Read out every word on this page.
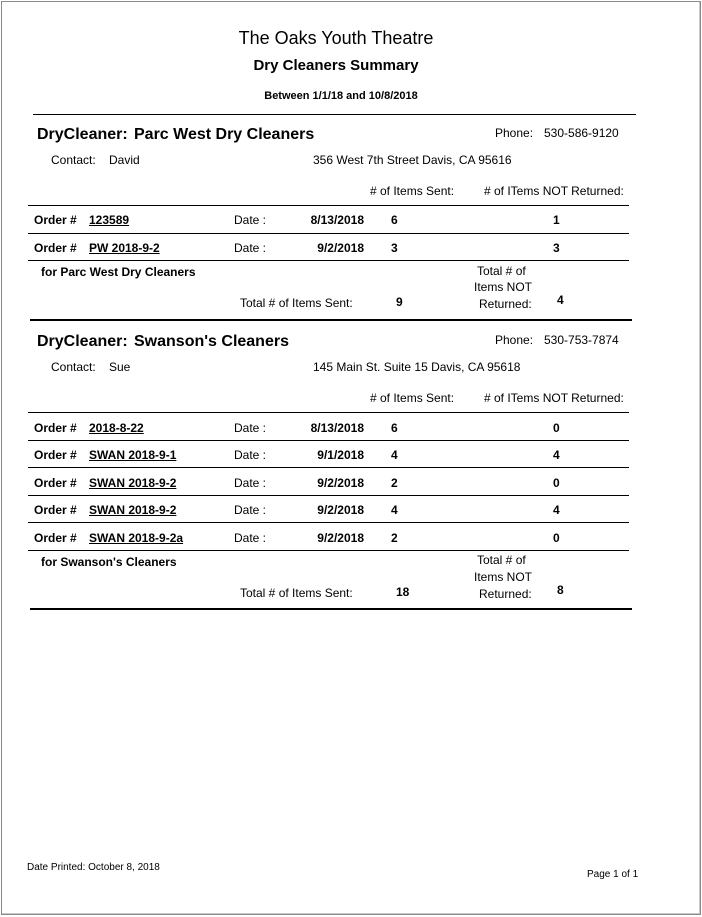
The Oaks Youth Theatre
Dry Cleaners Summary
Between 1/1/18 and 10/8/2018
DryCleaner: Parc West Dry Cleaners	Phone: 530-586-9120
Contact: David	356 West 7th Street Davis, CA 95616
# of Items Sent: # of ITems NOT Returned:
Order # 123589	Date :	8/13/2018 6	1
Order # PW 2018-9-2	Date :	9/2/2018 3	3
for Parc West Dry Cleaners	Total # of
Items NOT
Returned: 4
Total # of Items Sent:	9
DryCleaner: Swanson's Cleaners	Phone: 530-753-7874
Contact: Sue	145 Main St. Suite 15 Davis, CA 95618
# of Items Sent: # of ITems NOT Returned:
Order # 2018-8-22	Date :	8/13/2018 6	0
Order # SWAN 2018-9-1	Date :	9/1/2018 4	4
Order # SWAN 2018-9-2	Date :	9/2/2018 2	0
Order # SWAN 2018-9-2	Date :	9/2/2018 4	4
Order # SWAN 2018-9-2a	Date :	9/2/2018 2	0
for Swanson's Cleaners	Total # of
Items NOT
Returned: 8
Total # of Items Sent:	18
Date Printed: October 8, 2018
Page 1 of 1
